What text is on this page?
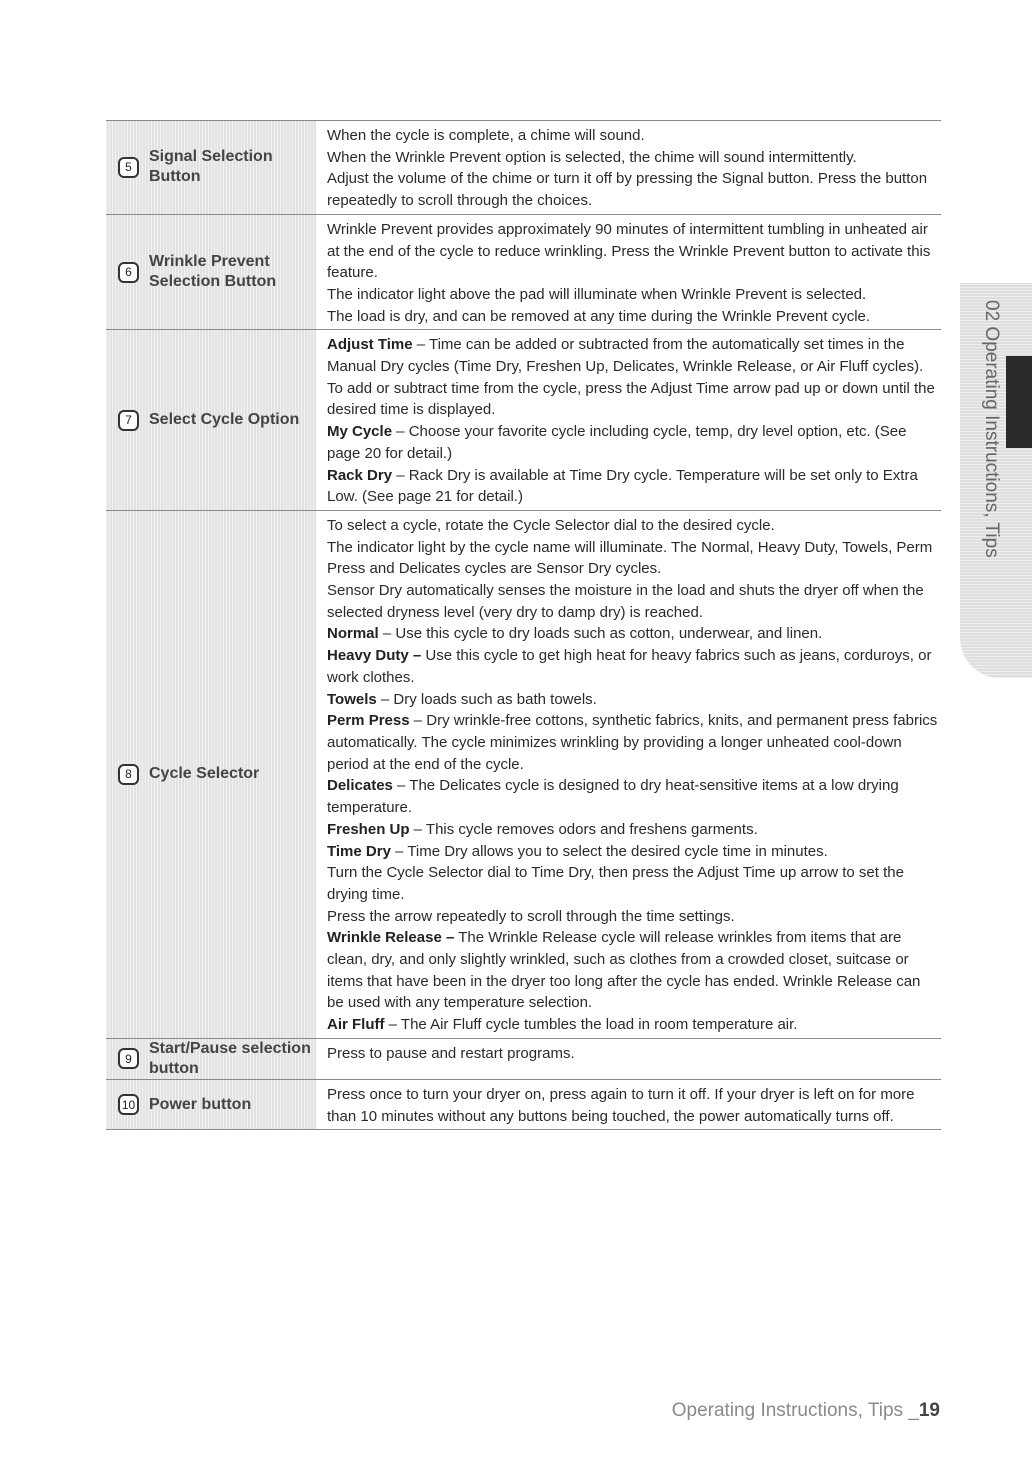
02 Operating Instructions, Tips
5
Signal Selection Button

When the cycle is complete, a chime will sound.

When the Wrinkle Prevent option is selected, the chime will sound intermittently.

Adjust the volume of the chime or turn it off by pressing the Signal button. Press the button repeatedly to scroll through the choices.

6
Wrinkle Prevent Selection Button

Wrinkle Prevent provides approximately 90 minutes of intermittent tumbling in unheated air at the end of the cycle to reduce wrinkling. Press the Wrinkle Prevent button to activate this feature.

The indicator light above the pad will illuminate when Wrinkle Prevent is selected.

The load is dry, and can be removed at any time during the Wrinkle Prevent cycle.

7	Select Cycle Option

Adjust Time – Time can be added or subtracted from the automatically set times in the Manual Dry cycles (Time Dry, Freshen Up, Delicates, Wrinkle Release, or Air Fluff cycles).

To add or subtract time from the cycle, press the Adjust Time arrow pad up or down until the desired time is displayed.

My Cycle – Choose your favorite cycle including cycle, temp, dry level option, etc. (See page 20 for detail.)

Rack Dry – Rack Dry is available at Time Dry cycle. Temperature will be set only to Extra Low. (See page 21 for detail.)

8	Cycle Selector

To select a cycle, rotate the Cycle Selector dial to the desired cycle.

The indicator light by the cycle name will illuminate. The Normal, Heavy Duty, Towels, Perm Press and Delicates cycles are Sensor Dry cycles.

Sensor Dry automatically senses the moisture in the load and shuts the dryer off when the selected dryness level (very dry to damp dry) is reached.

Normal – Use this cycle to dry loads such as cotton, underwear, and linen.

Heavy Duty – Use this cycle to get high heat for heavy fabrics such as jeans, corduroys, or work clothes.

Towels – Dry loads such as bath towels.

Perm Press – Dry wrinkle-free cottons, synthetic fabrics, knits, and permanent press fabrics automatically. The cycle minimizes wrinkling by providing a longer unheated cool-down period at the end of the cycle.

Delicates – The Delicates cycle is designed to dry heat-sensitive items at a low drying temperature.

Freshen Up – This cycle removes odors and freshens garments.

Time Dry – Time Dry allows you to select the desired cycle time in minutes.

Turn the Cycle Selector dial to Time Dry, then press the Adjust Time up arrow to set the drying time.

Press the arrow repeatedly to scroll through the time settings.

Wrinkle Release – The Wrinkle Release cycle will release wrinkles from items that are clean, dry, and only slightly wrinkled, such as clothes from a crowded closet, suitcase or items that have been in the dryer too long after the cycle has ended. Wrinkle Release can be used with any temperature selection.

Air Fluff – The Air Fluff cycle tumbles the load in room temperature air.

9
Start/Pause selection button

Press to pause and restart programs.

10 Power button

Press once to turn your dryer on, press again to turn it off. If your dryer is left on for more than 10 minutes without any buttons being touched, the power automatically turns off.

Operating Instructions, Tips _19
